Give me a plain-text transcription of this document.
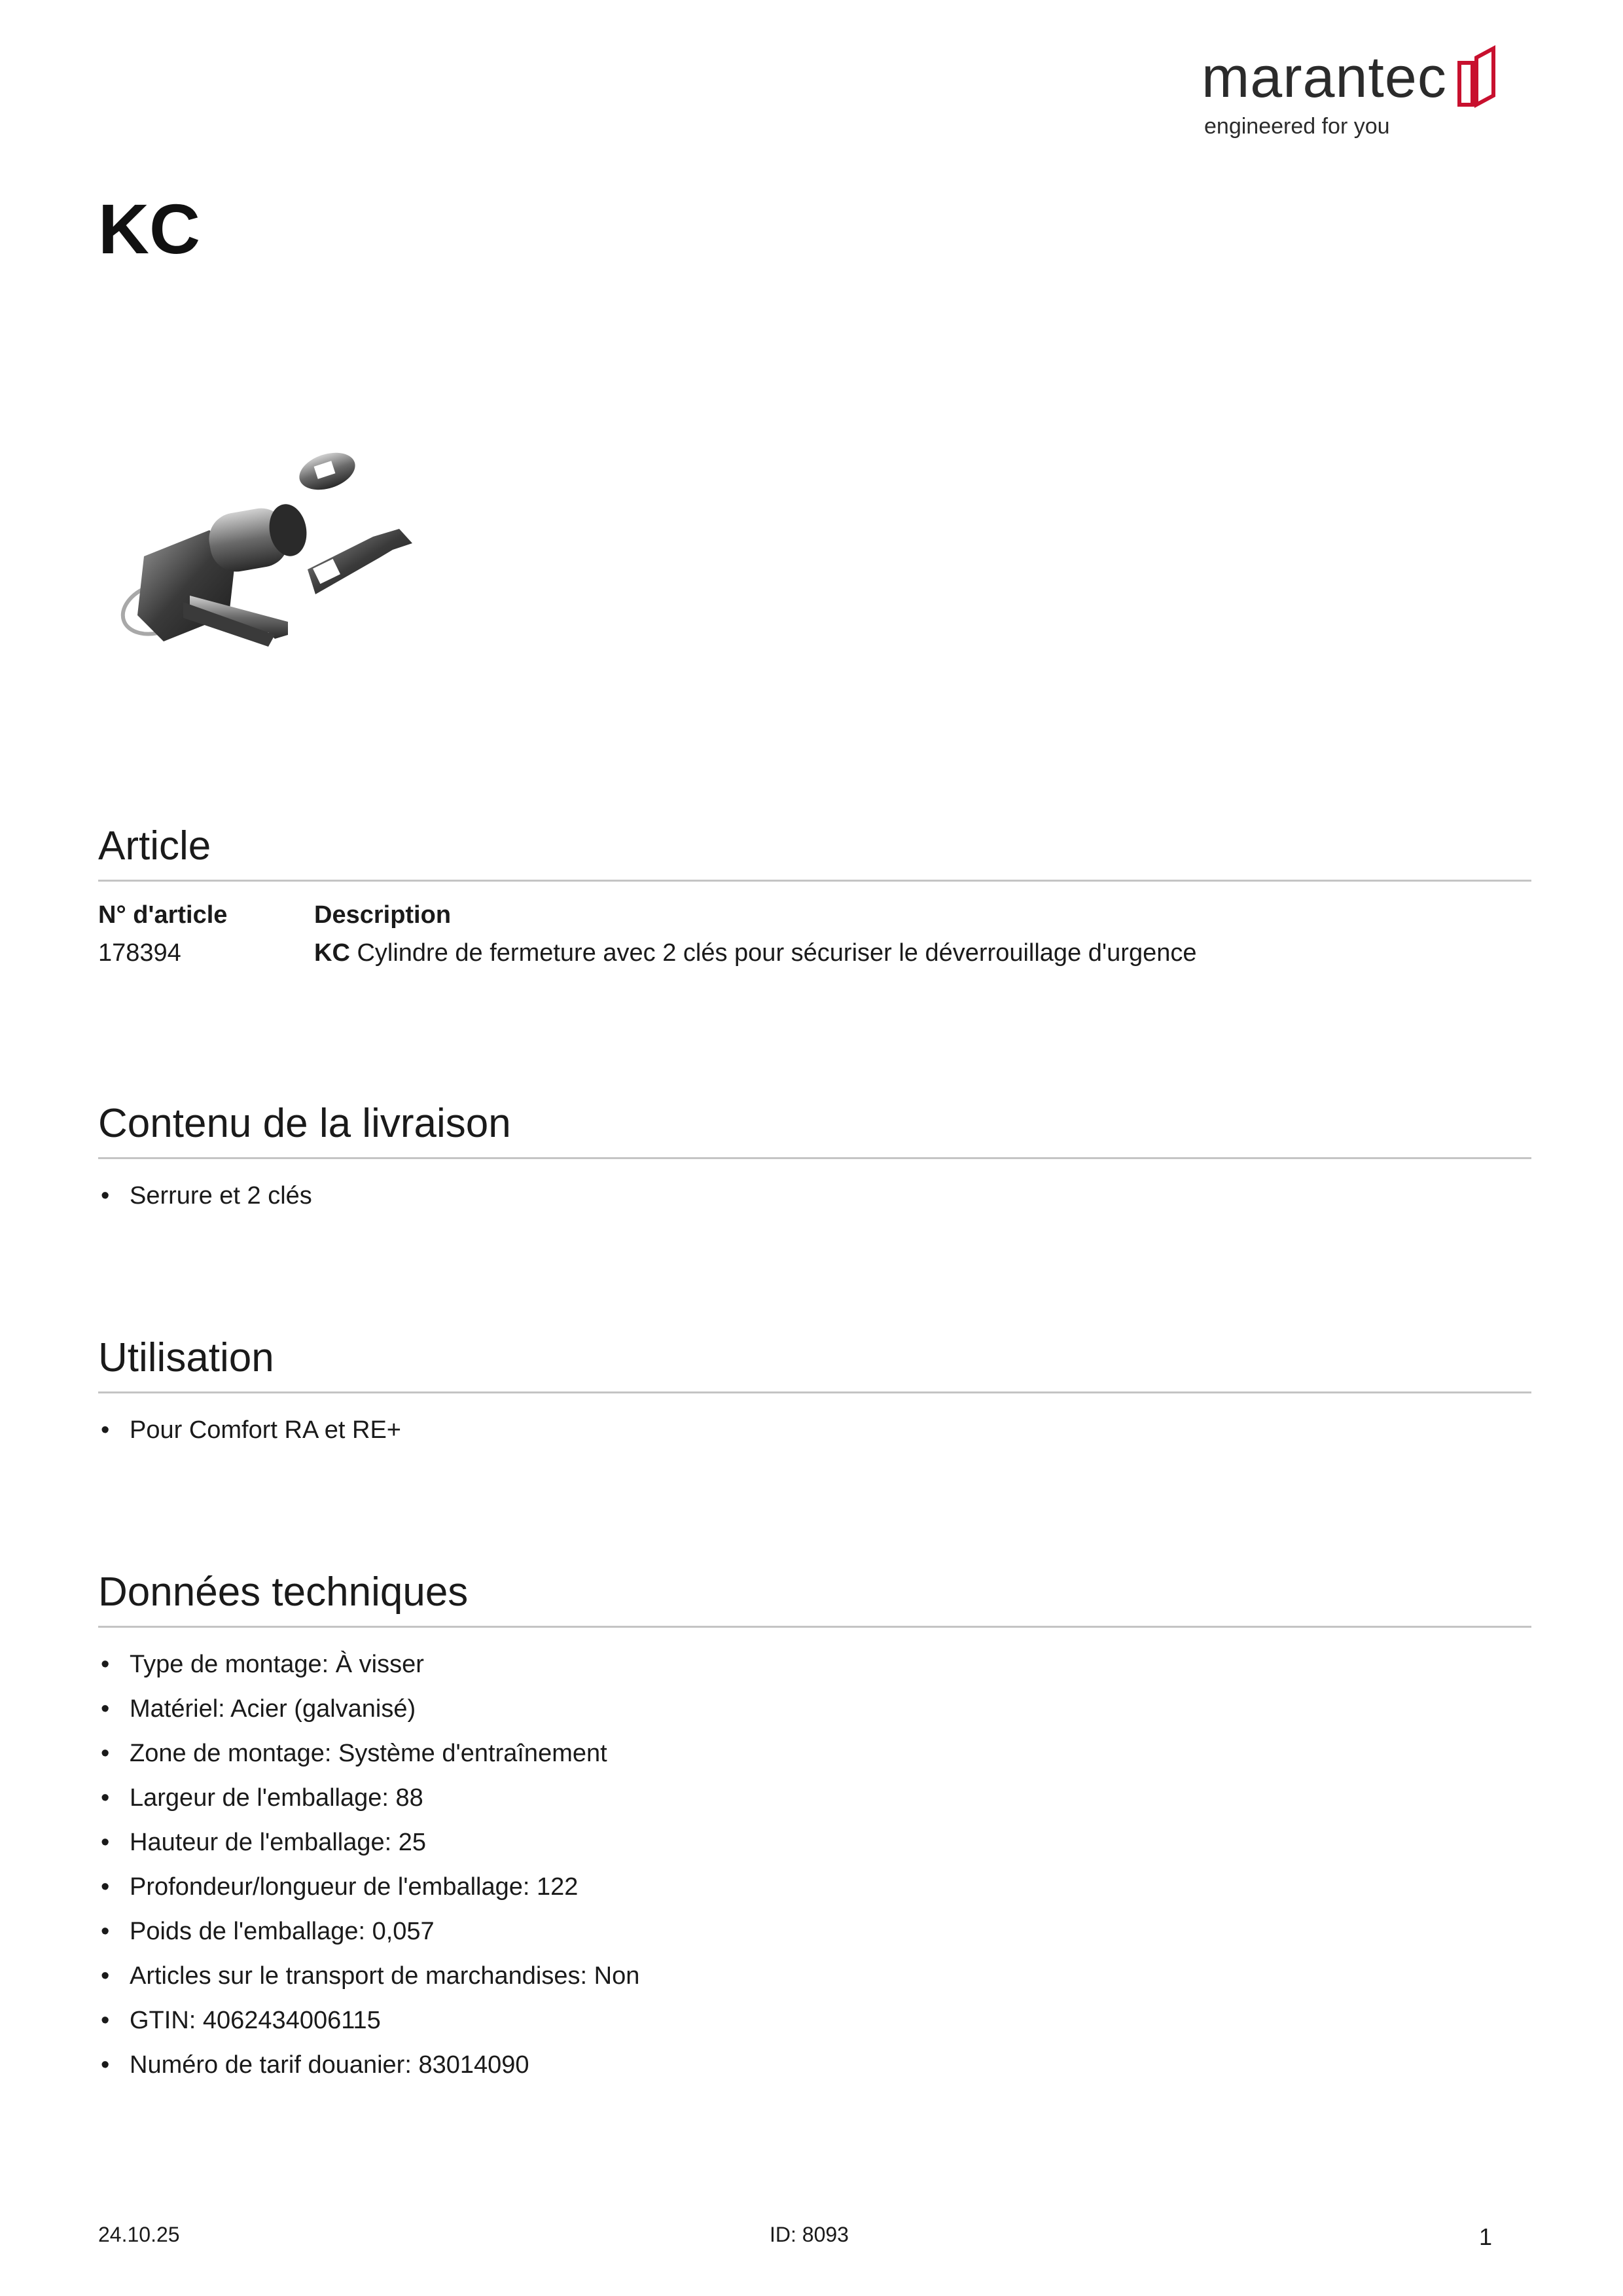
marantec
engineered for you
KC
Article
N° d'article	Description
178394	KC Cylindre de fermeture avec 2 clés pour sécuriser le déverrouillage d'urgence
Contenu de la livraison
• Serrure et 2 clés
Utilisation
• Pour Comfort RA et RE+
Données techniques
• Type de montage: À visser
• Matériel: Acier (galvanisé)
• Zone de montage: Système d'entraînement
• Largeur de l'emballage: 88
• Hauteur de l'emballage: 25
• Profondeur/longueur de l'emballage: 122
• Poids de l'emballage: 0,057
• Articles sur le transport de marchandises: Non
• GTIN: 4062434006115
• Numéro de tarif douanier: 83014090
24.10.25	ID: 8093	1
